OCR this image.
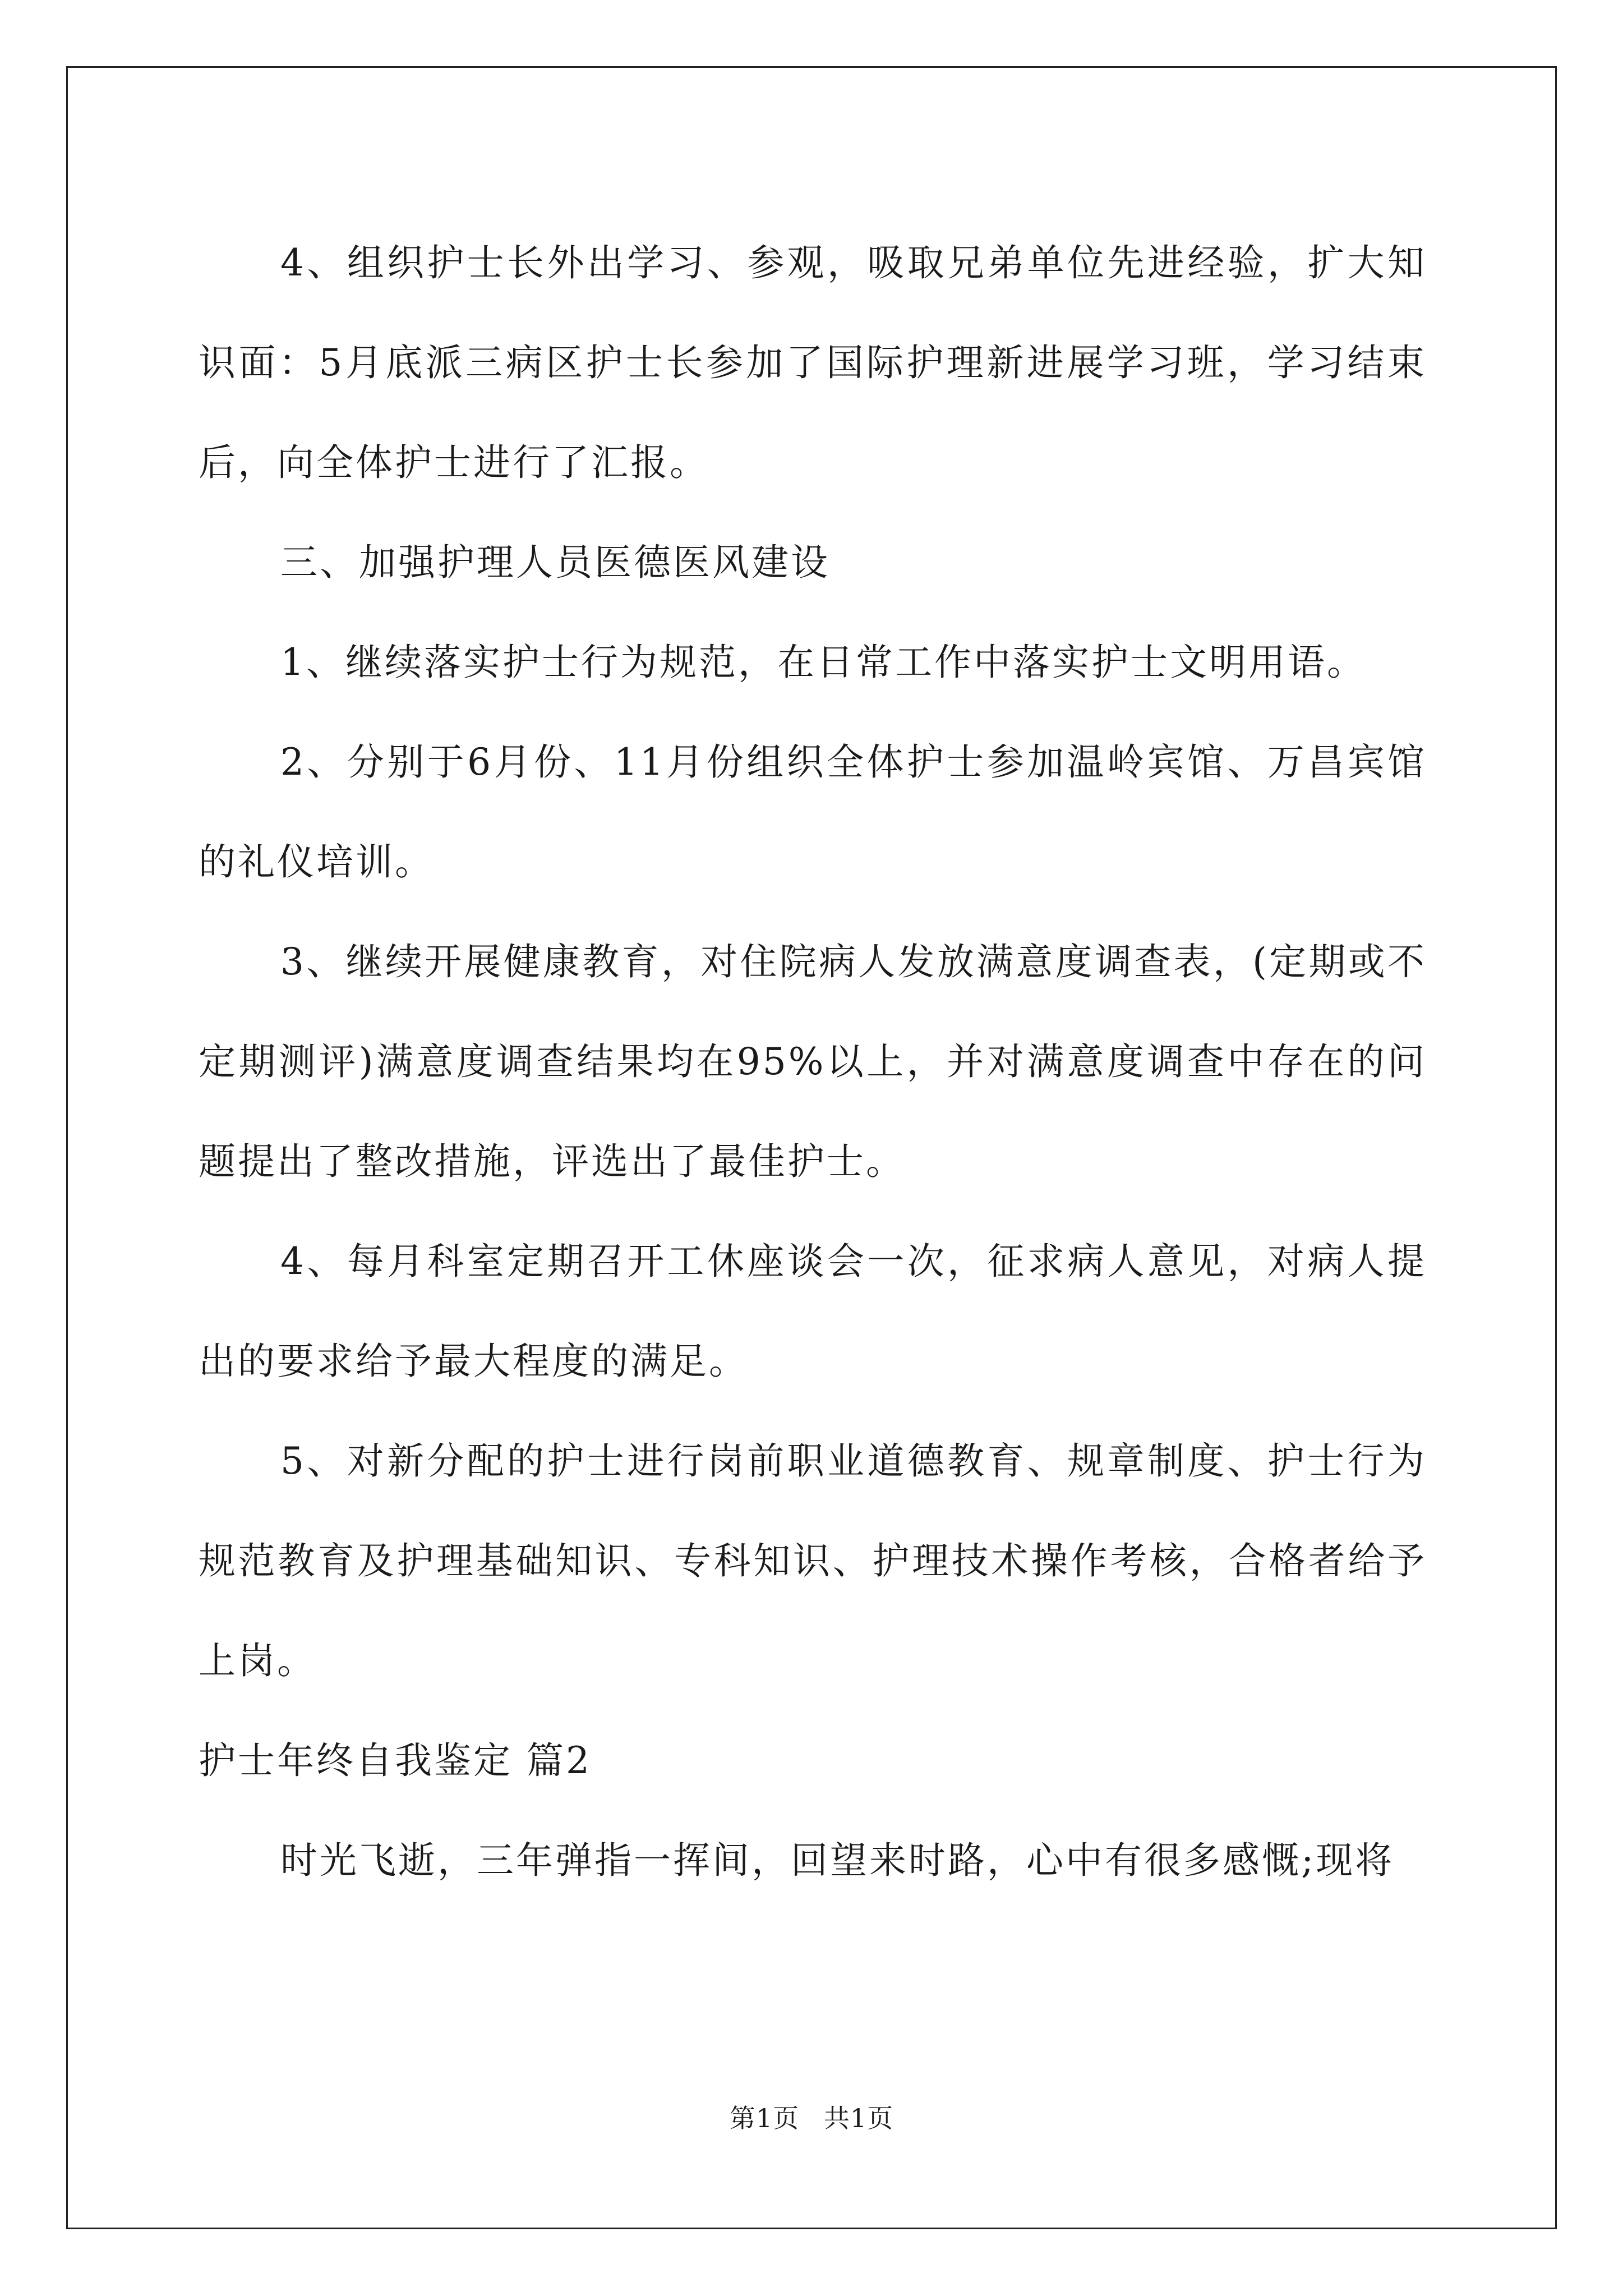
4、组织护士长外出学习、参观，吸取兄弟单位先进经验，扩大知识面：5月底派三病区护士长参加了国际护理新进展学习班，学习结束后，向全体护士进行了汇报。

三、加强护理人员医德医风建设

1、继续落实护士行为规范，在日常工作中落实护士文明用语。

2、分别于6月份、11月份组织全体护士参加温岭宾馆、万昌宾馆的礼仪培训。

3、继续开展健康教育，对住院病人发放满意度调查表，(定期或不定期测评)满意度调查结果均在95%以上，并对满意度调查中存在的问题提出了整改措施，评选出了最佳护士。

4、每月科室定期召开工休座谈会一次，征求病人意见，对病人提出的要求给予最大程度的满足。

5、对新分配的护士进行岗前职业道德教育、规章制度、护士行为规范教育及护理基础知识、专科知识、护理技术操作考核，合格者给予上岗。

护士年终自我鉴定 篇2

时光飞逝，三年弹指一挥间，回望来时路，心中有很多感慨;现将

第1页 共1页
